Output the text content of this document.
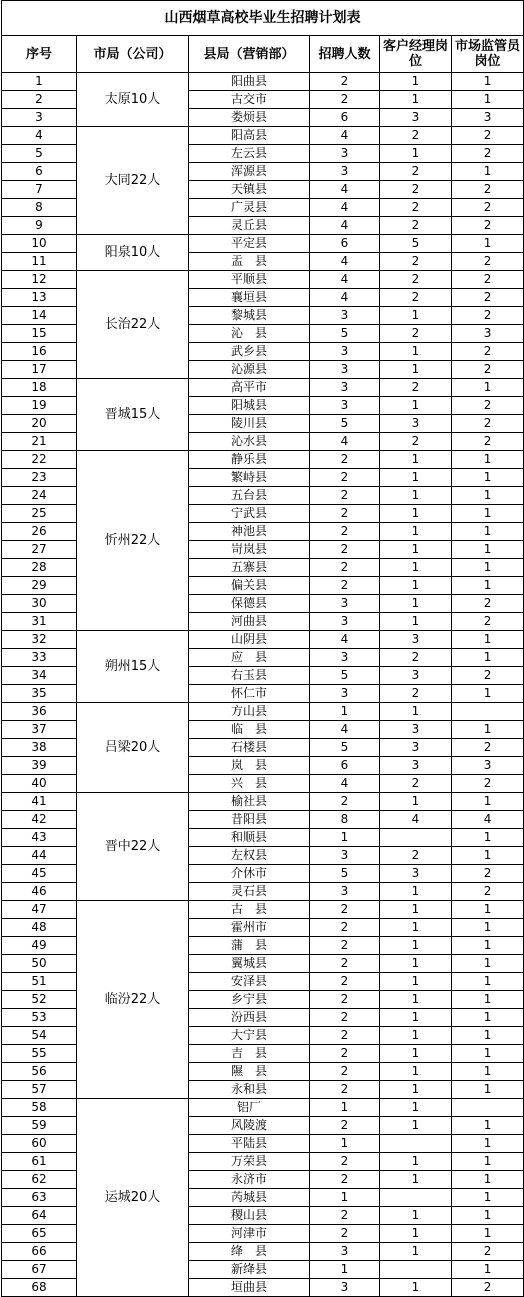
山西烟草高校毕业生招聘计划表					
序号	市局（公司）	县局（营销部）	招聘人数	客户经理岗位	市场监管员岗位
1	太原10人	阳曲县	2	1	1
2		古交市	2	1	1
3		娄烦县	6	3	3
4	大同22人	阳高县	4	2	2
5		左云县	3	1	2
6		浑源县	3	2	1
7		天镇县	4	2	2
8		广灵县	4	2	2
9		灵丘县	4	2	2
10	阳泉10人	平定县	6	5	1
11		盂　县	4	2	2
12	长治22人	平顺县	4	2	2
13		襄垣县	4	2	2
14		黎城县	3	1	2
15		沁　县	5	2	3
16		武乡县	3	1	2
17		沁源县	3	1	2
18	晋城15人	高平市	3	2	1
19		阳城县	3	1	2
20		陵川县	5	3	2
21		沁水县	4	2	2
22	忻州22人	静乐县	2	1	1
23		繁峙县	2	1	1
24		五台县	2	1	1
25		宁武县	2	1	1
26		神池县	2	1	1
27		岢岚县	2	1	1
28		五寨县	2	1	1
29		偏关县	2	1	1
30		保德县	3	1	2
31		河曲县	3	1	2
32	朔州15人	山阴县	4	3	1
33		应　县	3	2	1
34		右玉县	5	3	2
35		怀仁市	3	2	1
36	吕梁20人	方山县	1	1	
37		临　县	4	3	1
38		石楼县	5	3	2
39		岚　县	6	3	3
40		兴　县	4	2	2
41	晋中22人	榆社县	2	1	1
42		昔阳县	8	4	4
43		和顺县	1		1
44		左权县	3	2	1
45		介休市	5	3	2
46		灵石县	3	1	2
47	临汾22人	古　县	2	1	1
48		霍州市	2	1	1
49		蒲　县	2	1	1
50		翼城县	2	1	1
51		安泽县	2	1	1
52		乡宁县	2	1	1
53		汾西县	2	1	1
54		大宁县	2	1	1
55		吉　县	2	1	1
56		隰　县	2	1	1
57		永和县	2	1	1
58	运城20人	铝厂	1	1	
59		风陵渡	2	1	1
60		平陆县	1		1
61		万荣县	2	1	1
62		永济市	2	1	1
63		芮城县	1		1
64		稷山县	2	1	1
65		河津市	2	1	1
66		绛　县	3	1	2
67		新绛县	1		1
68		垣曲县	3	1	2
